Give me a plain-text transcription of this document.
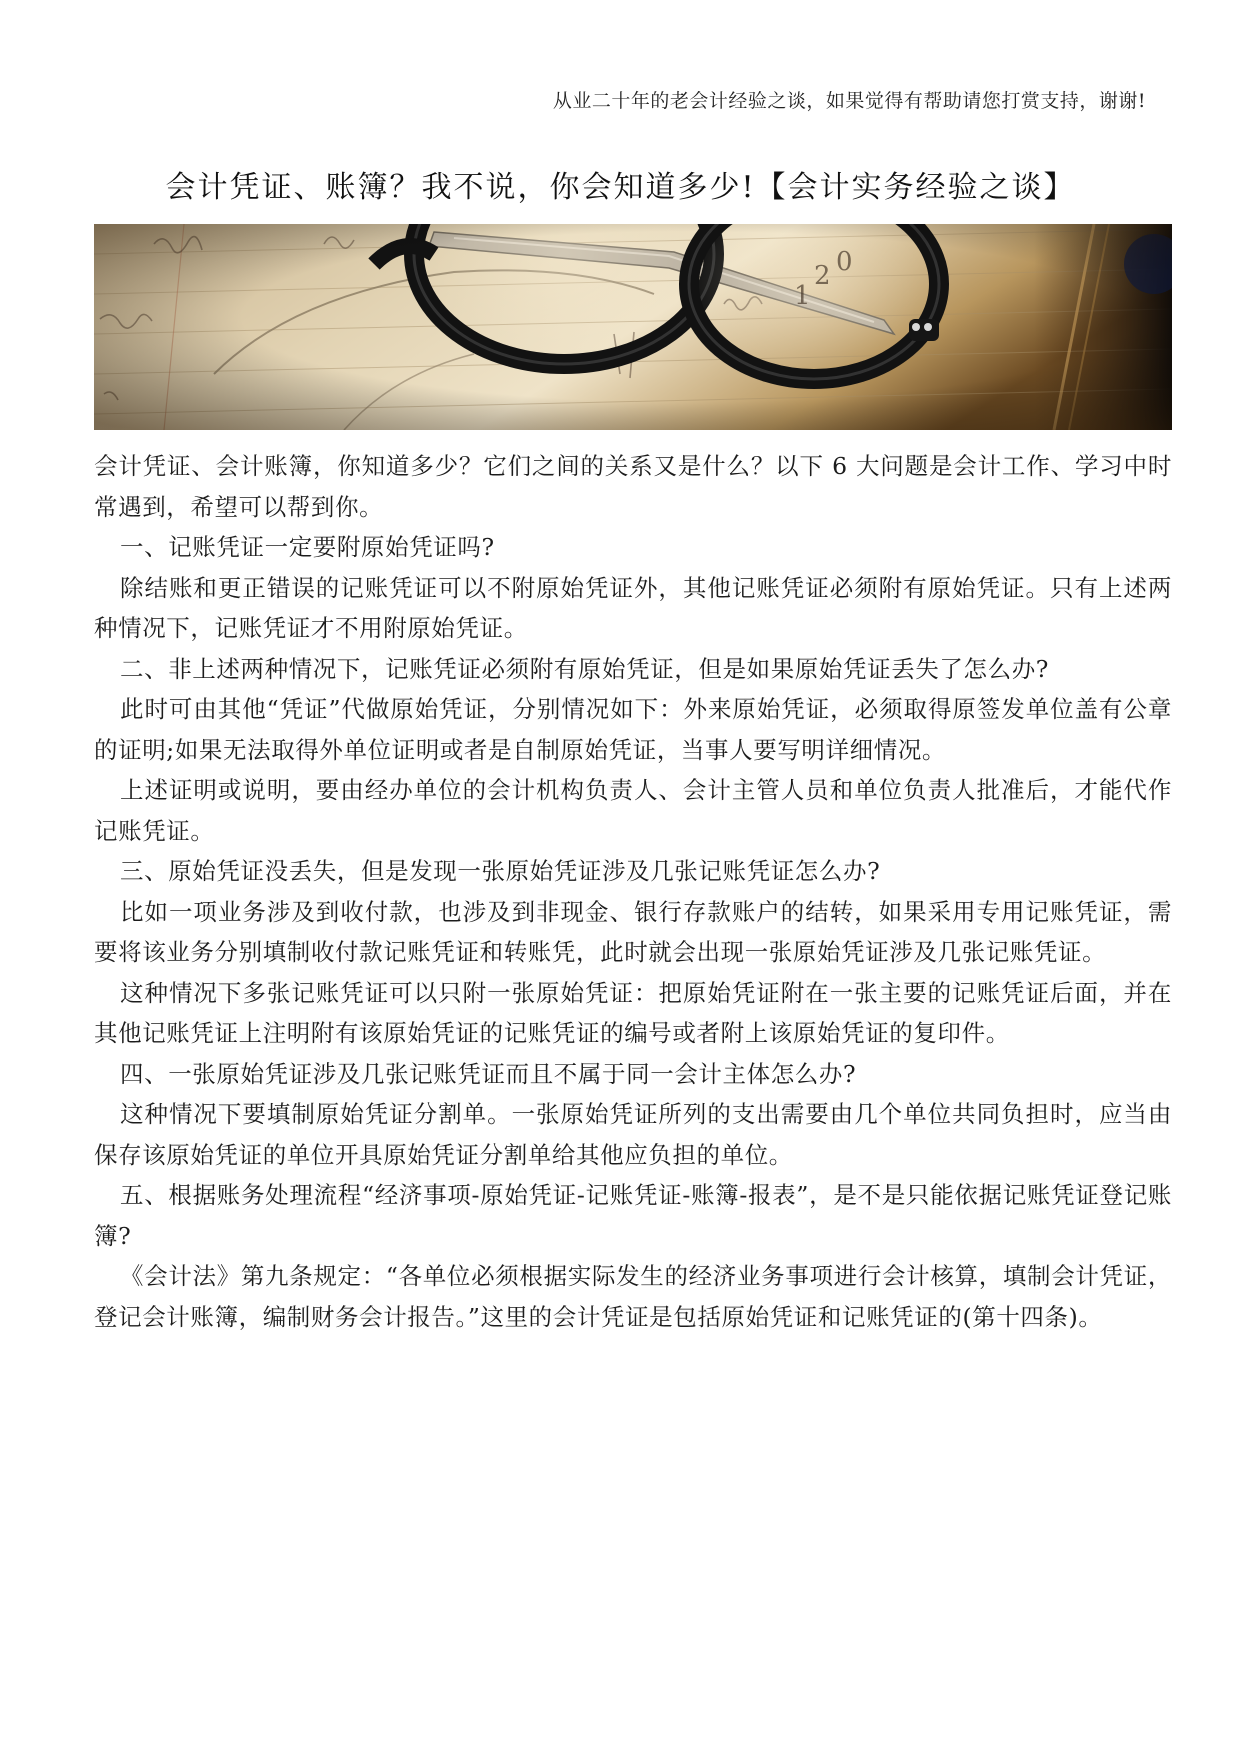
从业二十年的老会计经验之谈，如果觉得有帮助请您打赏支持，谢谢!
会计凭证、账簿？我不说，你会知道多少!【会计实务经验之谈】

会计凭证、会计账簿，你知道多少？它们之间的关系又是什么？以下 6 大问题是会计工作、学习中时常遇到，希望可以帮到你。

一、记账凭证一定要附原始凭证吗?

除结账和更正错误的记账凭证可以不附原始凭证外，其他记账凭证必须附有原始凭证。只有上述两种情况下，记账凭证才不用附原始凭证。

二、非上述两种情况下，记账凭证必须附有原始凭证，但是如果原始凭证丢失了怎么办?

此时可由其他“凭证”代做原始凭证，分别情况如下：外来原始凭证，必须取得原签发单位盖有公章的证明;如果无法取得外单位证明或者是自制原始凭证，当事人要写明详细情况。

上述证明或说明，要由经办单位的会计机构负责人、会计主管人员和单位负责人批准后，才能代作记账凭证。

三、原始凭证没丢失，但是发现一张原始凭证涉及几张记账凭证怎么办?

比如一项业务涉及到收付款，也涉及到非现金、银行存款账户的结转，如果采用专用记账凭证，需要将该业务分别填制收付款记账凭证和转账凭，此时就会出现一张原始凭证涉及几张记账凭证。

这种情况下多张记账凭证可以只附一张原始凭证：把原始凭证附在一张主要的记账凭证后面，并在其他记账凭证上注明附有该原始凭证的记账凭证的编号或者附上该原始凭证的复印件。

四、一张原始凭证涉及几张记账凭证而且不属于同一会计主体怎么办?

这种情况下要填制原始凭证分割单。一张原始凭证所列的支出需要由几个单位共同负担时，应当由保存该原始凭证的单位开具原始凭证分割单给其他应负担的单位。

五、根据账务处理流程“经济事项-原始凭证-记账凭证-账簿-报表”，是不是只能依据记账凭证登记账簿?

《会计法》第九条规定：“各单位必须根据实际发生的经济业务事项进行会计核算，填制会计凭证，登记会计账簿，编制财务会计报告。”这里的会计凭证是包括原始凭证和记账凭证的(第十四条)。
